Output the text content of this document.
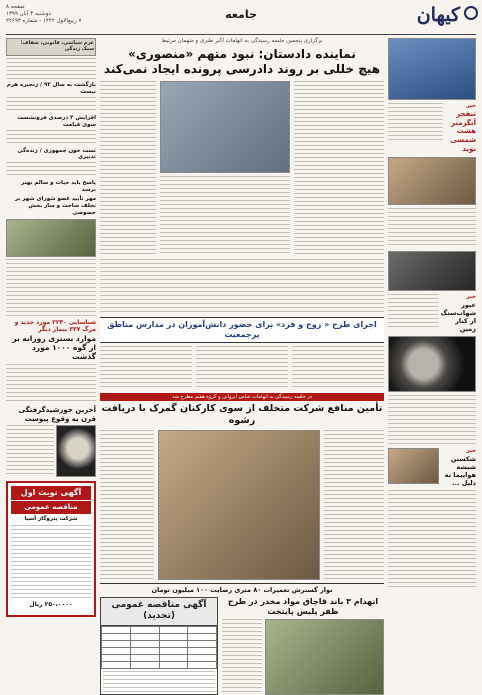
کیهان
جامعه
صفحه ۸
دوشنبه ۳ آبان ۱۳۹۹
۷ ربیع‌الاول ۱۴۴۲ - شماره ۲۲۶۹۳
خبر
تنفجر آنگرمتر هشت شمسی نوید
خبر
عبور شهاب‌سنگ از کنار زمین
خبر
شکستن شیشه هواپیما به دلیل ...
برگزاری پنجمین جلسه رسیدگی به اتهامات اکبر طبری و متهمان مرتبط
نماینده دادستان: نبود متهم «منصوری»
هیچ خللی بر روند دادرسی پرونده ایجاد نمی‌کند
اجرای طرح « زوج و فرد» برای حضور دانش‌آموزان در مدارس مناطق پرجمعیت
در جلسه رسیدگی به اتهامات عباس ایروانی و گروه هفتم مطرح شد
تأمین منافع شرکت متخلف از سوی کارکنان گمرک با دریافت رشوه
نوار گسترش تعمیرات ۸۰ متری رضایت ۱۰۰ میلیون تومان
انهدام ۳ باند قاچاق مواد مخدر در طرح ظفر پلیس پایتخت
آگهی مناقصه عمومی (تجدید)

عزم سیاسی، قانونی، شفاف؛ سبک زندگی
بازگشت به سال ۹۲ / زنجیره هرم نیست
افزایش ۳ درصدی فرونشست سوی قیامت
تست خون جمهوری / زنده‌گی تدبیری
پاسخ باید حیات و سالم بهتر نرسد
مهر تأیید عضو شورای شهر بر تخلف ساخت و ساز بخش خصوصی
شناسایی ۳۲۴۰ مورد جدید و مرگ ۳۳۷ بیمار دیگر
موارد بستری روزانه بر از گوه ۱۰۰۰ مورد گذشت
آخرین خورشیدگرفتگی قرن به وقوع پیوست
آگهی نوبت اول
مناقصه عمومی
شرکت پتروگاز آسیا
۲۵۰،۰۰۰۰ ریال
